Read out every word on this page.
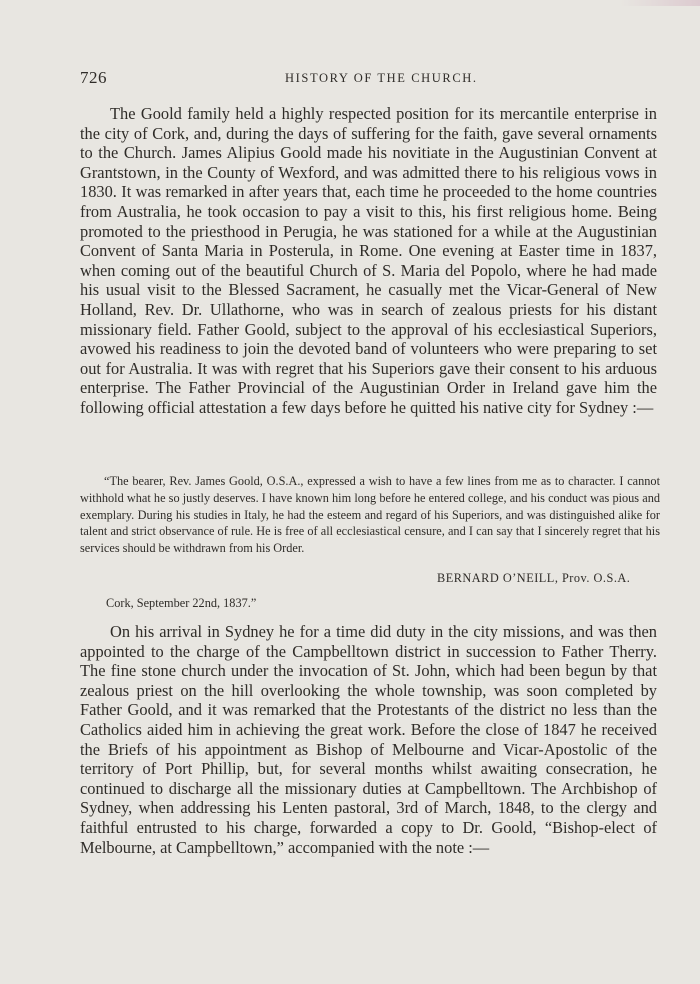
726	HISTORY OF THE CHURCH.

The Goold family held a highly respected position for its mercantile enterprise in the city of Cork, and, during the days of suffering for the faith, gave several ornaments to the Church. James Alipius Goold made his novitiate in the Augustinian Convent at Grantstown, in the County of Wexford, and was admitted there to his religious vows in 1830. It was remarked in after years that, each time he proceeded to the home countries from Australia, he took occasion to pay a visit to this, his first religious home. Being promoted to the priesthood in Perugia, he was stationed for a while at the Augustinian Convent of Santa Maria in Posterula, in Rome. One evening at Easter time in 1837, when coming out of the beautiful Church of S. Maria del Popolo, where he had made his usual visit to the Blessed Sacrament, he casually met the Vicar-General of New Holland, Rev. Dr. Ullathorne, who was in search of zealous priests for his distant missionary field. Father Goold, subject to the approval of his ecclesiastical Superiors, avowed his readiness to join the devoted band of volunteers who were preparing to set out for Australia. It was with regret that his Superiors gave their consent to his arduous enterprise. The Father Provincial of the Augustinian Order in Ireland gave him the following official attestation a few days before he quitted his native city for Sydney :—

“The bearer, Rev. James Goold, O.S.A., expressed a wish to have a few lines from me as to character. I cannot withhold what he so justly deserves. I have known him long before he entered college, and his conduct was pious and exemplary. During his studies in Italy, he had the esteem and regard of his Superiors, and was distinguished alike for talent and strict observance of rule. He is free of all ecclesiastical censure, and I can say that I sincerely regret that his services should be withdrawn from his Order.

BERNARD O’NEILL, Prov. O.S.A.
Cork, September 22nd, 1837.”

On his arrival in Sydney he for a time did duty in the city missions, and was then appointed to the charge of the Campbelltown district in succession to Father Therry. The fine stone church under the invocation of St. John, which had been begun by that zealous priest on the hill overlooking the whole township, was soon completed by Father Goold, and it was remarked that the Protestants of the district no less than the Catholics aided him in achieving the great work. Before the close of 1847 he received the Briefs of his appointment as Bishop of Melbourne and Vicar-Apostolic of the territory of Port Phillip, but, for several months whilst awaiting consecration, he continued to discharge all the missionary duties at Campbelltown. The Archbishop of Sydney, when addressing his Lenten pastoral, 3rd of March, 1848, to the clergy and faithful entrusted to his charge, forwarded a copy to Dr. Goold, “Bishop-elect of Melbourne, at Campbelltown,” accompanied with the note :—
